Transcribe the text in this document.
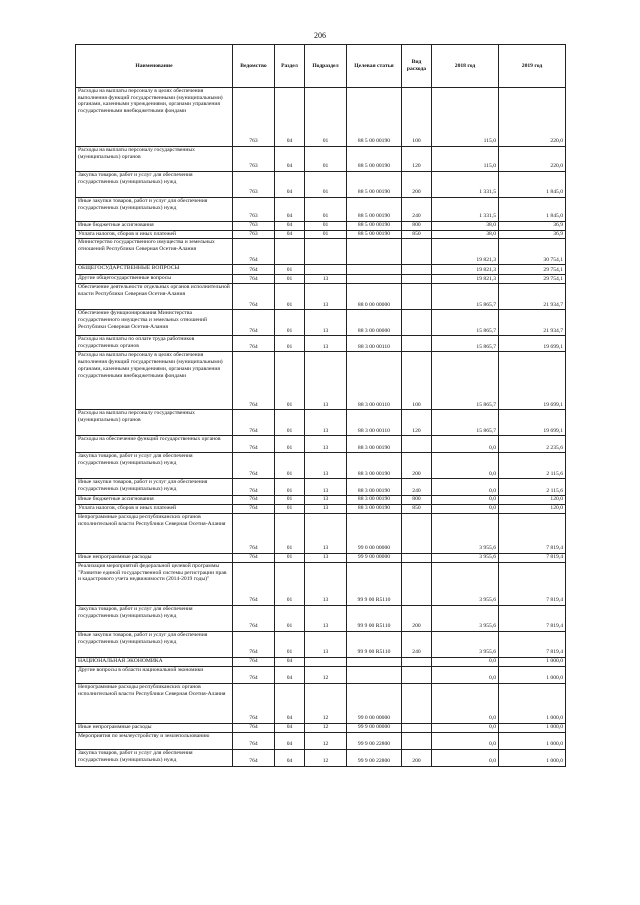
206
Наименование	Ведомство	Раздел	Подраздел	Целевая статья	Вид расхода	2018 год	2019 год
Расходы на выплаты персоналу в целях обеспечения выполнения функций государственными (муниципальными) органами, казенными учреждениями, органами управления государственными внебюджетными фондами	763	04	01	88 5 00 00190	100	115,0	220,0
Расходы на выплаты персоналу государственных (муниципальных) органов	763	04	01	88 5 00 00190	120	115,0	220,0
Закупка товаров, работ и услуг для обеспечения государственных (муниципальных) нужд	763	04	01	88 5 00 00190	200	1 331,5	1 845,0
Иные закупки товаров, работ и услуг для обеспечения государственных (муниципальных) нужд	763	04	01	88 5 00 00190	240	1 331,5	1 845,0
Иные бюджетные ассигнования	763	04	01	88 5 00 00190	800	38,0	36,9
Уплата налогов, сборов и иных платежей	763	04	01	88 5 00 00190	850	38,0	36,9
Министерство государственного имущества и земельных отношений Республики Северная Осетия-Алания	764					19 821,3	30 754,1
ОБЩЕГОСУДАРСТВЕННЫЕ ВОПРОСЫ	764	01				19 821,3	29 754,1
Другие общегосударственные вопросы	764	01	13			19 821,3	29 754,1
Обеспечение деятельности отдельных органов исполнительной власти Республики Северная Осетия-Алания	764	01	13	88 0 00 00000		15 865,7	21 934,7
Обеспечение функционирования Министерства государственного имущества и земельных отношений Республики Северная Осетия-Алания	764	01	13	88 3 00 00000		15 865,7	21 934,7
Расходы на выплаты по оплате труда работников государственных органов	764	01	13	88 3 00 00110		15 865,7	19 699,1
Расходы на выплаты персоналу в целях обеспечения выполнения функций государственными (муниципальными) органами, казенными учреждениями, органами управления государственными внебюджетными фондами	764	01	13	88 3 00 00110	100	15 865,7	19 699,1
Расходы на выплаты персоналу государственных (муниципальных) органов	764	01	13	88 3 00 00110	120	15 865,7	19 699,1
Расходы на обеспечение функций государственных органов	764	01	13	88 3 00 00190		0,0	2 235,6
Закупка товаров, работ и услуг для обеспечения государственных (муниципальных) нужд	764	01	13	88 3 00 00190	200	0,0	2 115,6
Иные закупки товаров, работ и услуг для обеспечения государственных (муниципальных) нужд	764	01	13	88 3 00 00190	240	0,0	2 115,6
Иные бюджетные ассигнования	764	01	13	88 3 00 00190	800	0,0	120,0
Уплата налогов, сборов и иных платежей	764	01	13	88 3 00 00190	850	0,0	120,0
Непрограммные расходы республиканских органов исполнительной власти Республики Северная Осетия-Алания	764	01	13	99 0 00 00000		3 955,6	7 819,4
Иные непрограммные расходы	764	01	13	99 9 00 00000		3 955,6	7 819,4
Реализация мероприятий федеральной целевой программы "Развитие единой государственной системы регистрации прав и кадастрового учета недвижимости (2014-2019 годы)"	764	01	13	99 9 00 R5110		3 955,6	7 819,4
Закупка товаров, работ и услуг для обеспечения государственных (муниципальных) нужд	764	01	13	99 9 00 R5110	200	3 955,6	7 819,4
Иные закупки товаров, работ и услуг для обеспечения государственных (муниципальных) нужд	764	01	13	99 9 00 R5110	240	3 955,6	7 819,4
НАЦИОНАЛЬНАЯ ЭКОНОМИКА	764	04				0,0	1 000,0
Другие вопросы в области национальной экономики	764	04	12			0,0	1 000,0
Непрограммные расходы республиканских органов исполнительной власти Республики Северная Осетия-Алания	764	04	12	99 0 00 00000		0,0	1 000,0
Иные непрограммные расходы	764	04	12	99 9 00 00000		0,0	1 000,0
Мероприятия по землеустройству и землепользованию	764	04	12	99 9 00 22800		0,0	1 000,0
Закупка товаров, работ и услуг для обеспечения государственных (муниципальных) нужд	764	04	12	99 9 00 22800	200	0,0	1 000,0
